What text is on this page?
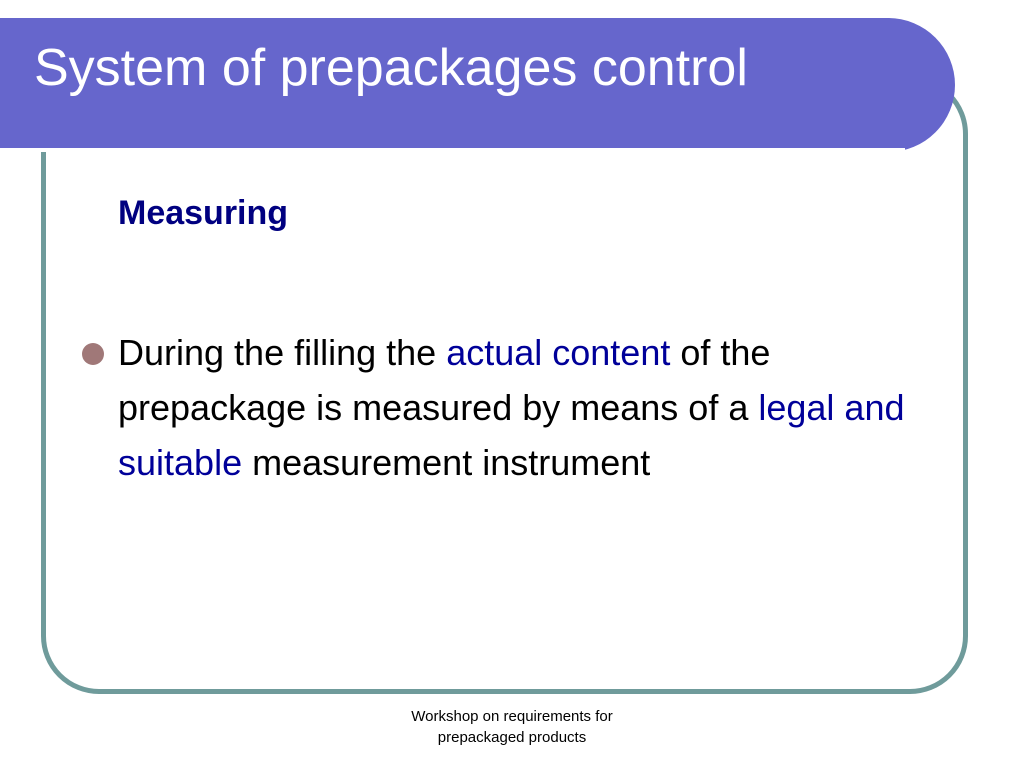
System of prepackages control
Measuring

During the filling the actual content of the prepackage is measured by means of a legal and suitable measurement instrument

Workshop on requirements for
prepackaged products
